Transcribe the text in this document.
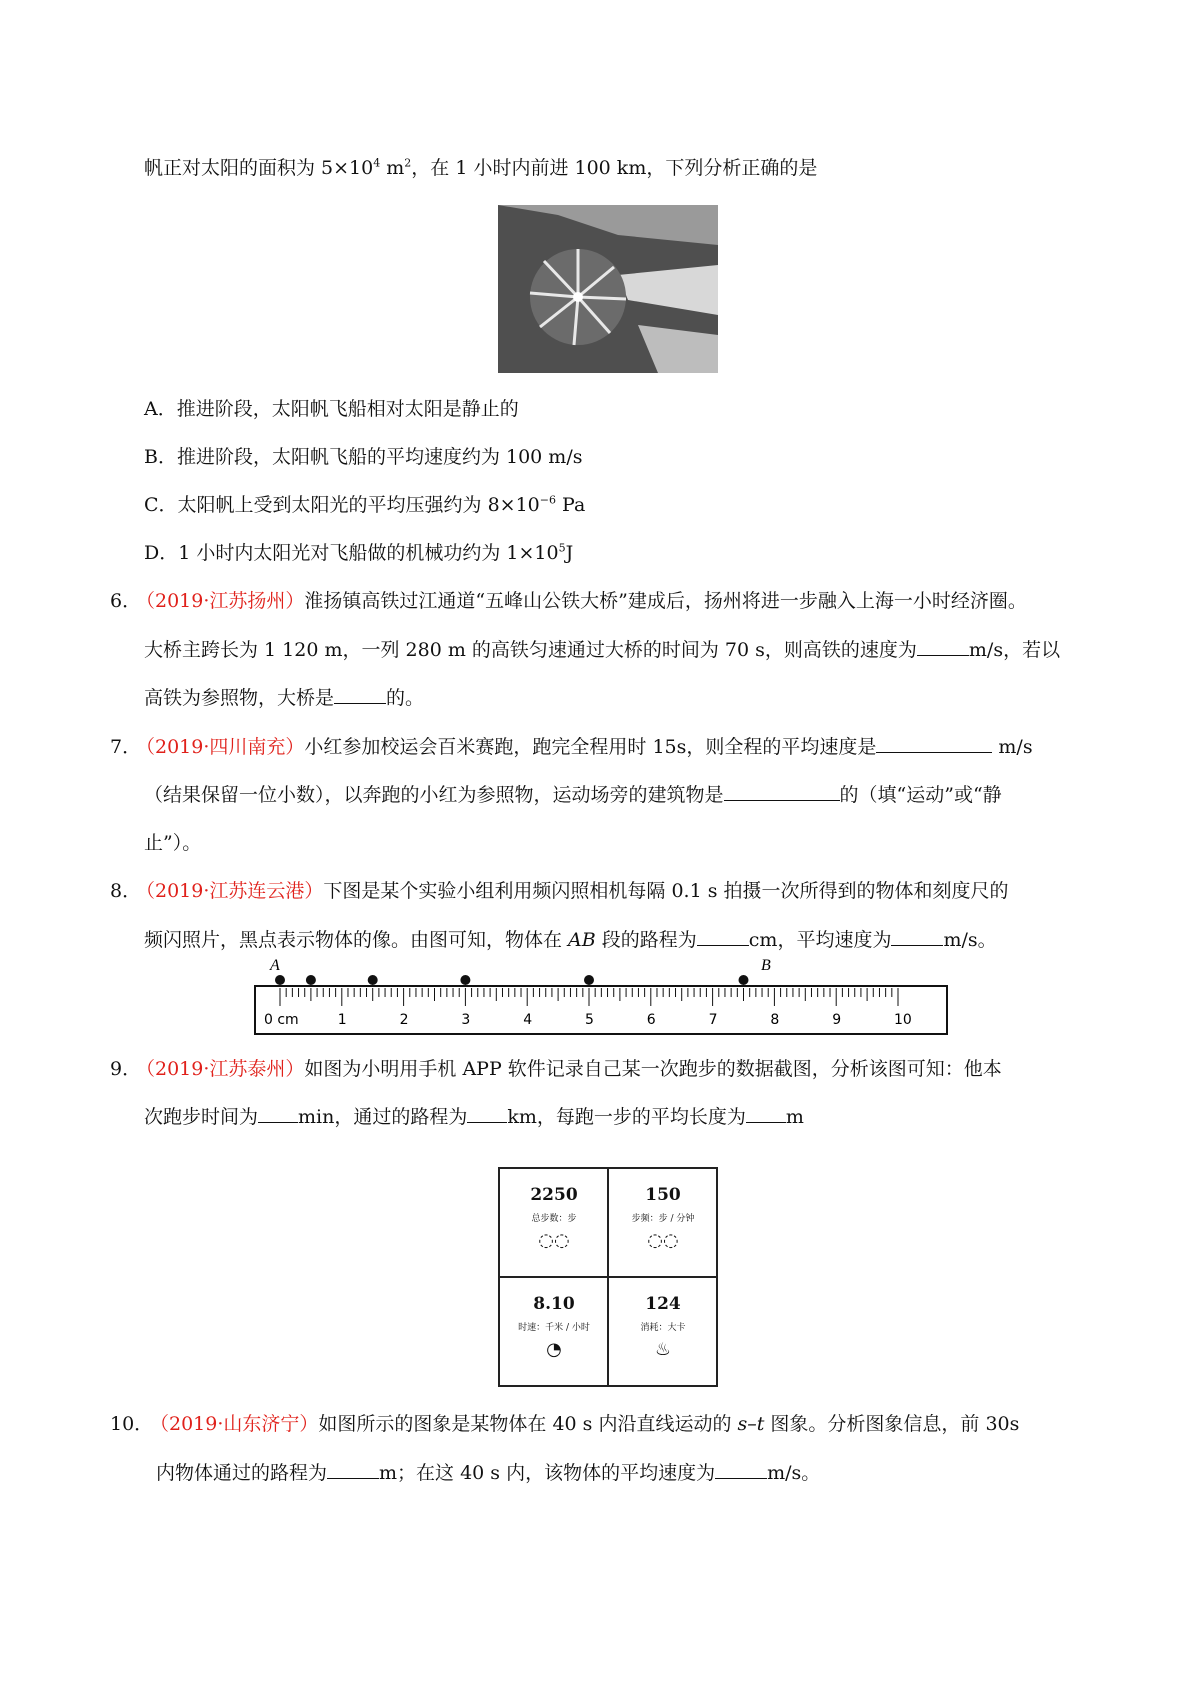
帆正对太阳的面积为 $5\times 10^4$ $m^2$，在 1 小时内前进 100 km，下列分析正确的是
A．推进阶段，太阳帆飞船相对太阳是静止的
B．推进阶段，太阳帆飞船的平均速度约为 100 m/s
C．太阳帆上受到太阳光的平均压强约为 $8\times 10^{-6}$ Pa
D．1 小时内太阳光对飞船做的机械功约为 $1\times 10^5J$
6．
（2019·江苏扬州）淮扬镇高铁过江通道“五峰山公铁大桥”建成后，扬州将进一步融入上海一小时经济圈。
大桥主跨长为 1 120 m，一列 280 m 的高铁匀速通过大桥的时间为 70 s，则高铁的速度为	m/s，若以
高铁为参照物，大桥是	的。
7．
（2019·四川南充）小红参加校运会百米赛跑，跑完全程用时 15s，则全程的平均速度是	m/s
（结果保留一位小数），以奔跑的小红为参照物，运动场旁的建筑物是	的（填“运动”或“静
止”）。
8．
（2019·江苏连云港）下图是某个实验小组利用频闪照相机每隔 0.1 s 拍摄一次所得到的物体和刻度尺的
频闪照片，黑点表示物体的像。由图可知，物体在 AB 段的路程为	cm，平均速度为	m/s。
A	B
1	2	3	4	5	6	7	8	9	10
0 cm
9．
（2019·江苏泰州）如图为小明用手机 APP 软件记录自己某一次跑步的数据截图，分析该图可知：他本
次跑步时间为 min，通过的路程为 km，每跑一步的平均长度为 m
2250
总步数：步
◌◌
150
步频：步 / 分钟
◌◌
8.10
时速：千米 / 小时
◔
124
消耗：大卡
♨
10．
（2019·山东济宁）如图所示的图象是某物体在 40 s 内沿直线运动的 s–t 图象。分析图象信息，前 30s
内物体通过的路程为	m；在这 40 s 内，该物体的平均速度为	m/s。
